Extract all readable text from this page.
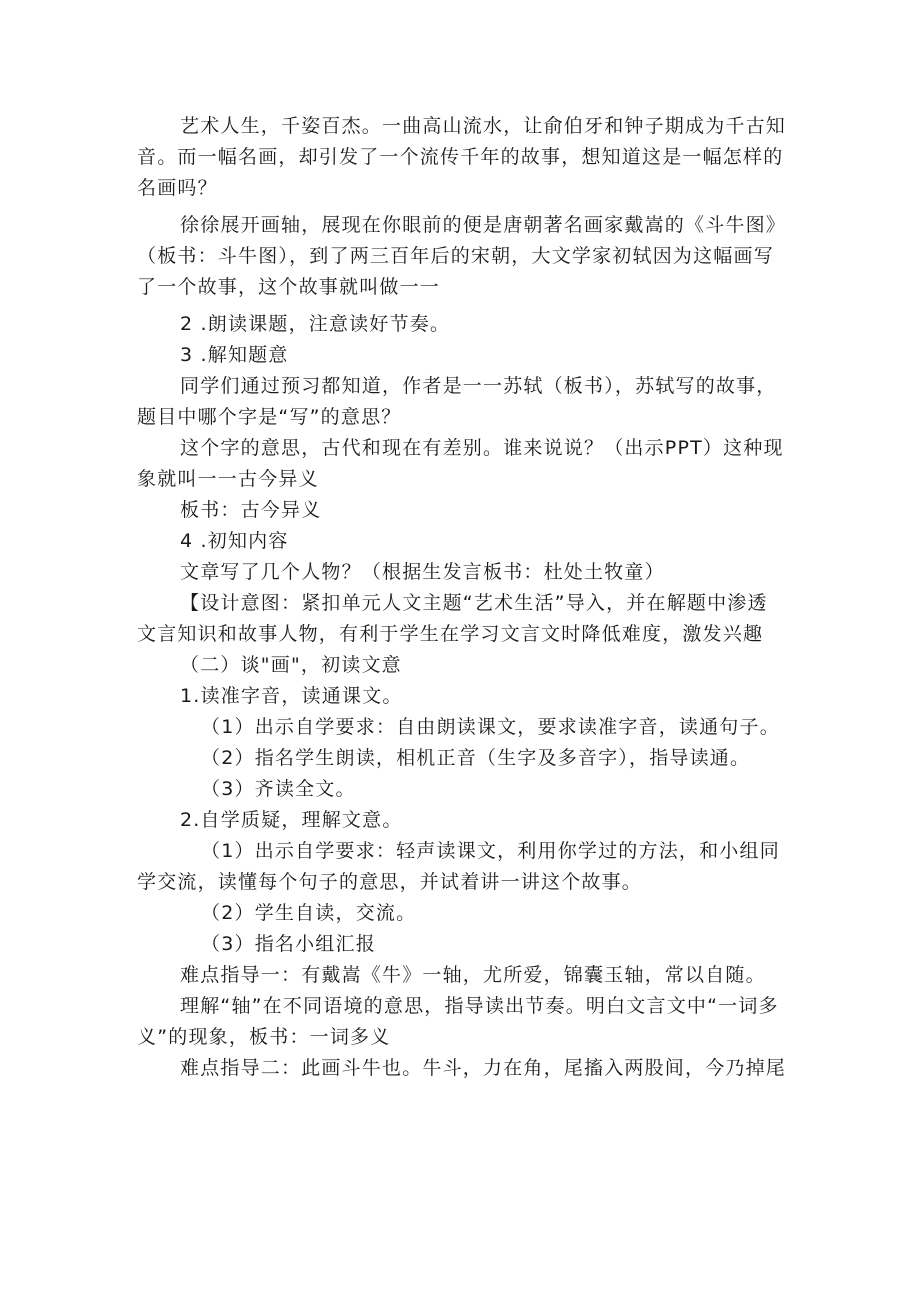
艺术人生，千姿百杰。一曲高山流水，让俞伯牙和钟子期成为千古知音。而一幅名画，却引发了一个流传千年的故事，想知道这是一幅怎样的名画吗？

徐徐展开画轴，展现在你眼前的便是唐朝著名画家戴嵩的《斗牛图》（板书：斗牛图），到了两三百年后的宋朝，大文学家初轼因为这幅画写了一个故事，这个故事就叫做一一

2 .朗读课题，注意读好节奏。

3 .解知题意

同学们通过预习都知道，作者是一一苏轼（板书），苏轼写的故事，题目中哪个字是“写”的意思？

这个字的意思，古代和现在有差别。谁来说说？（出示PPT）这种现象就叫一一古今异义

板书：古今异义

4 .初知内容

文章写了几个人物？（根据生发言板书：杜处土牧童）

【设计意图：紧扣单元人文主题“艺术生活”导入，并在解题中渗透文言知识和故事人物，有利于学生在学习文言文时降低难度，激发兴趣

（二）谈"画"，初读文意

1.读准字音，读通课文。

（1）出示自学要求：自由朗读课文，要求读准字音，读通句子。

（2）指名学生朗读，相机正音（生字及多音字），指导读通。

（3）齐读全文。

2.自学质疑，理解文意。

（1）出示自学要求：轻声读课文，利用你学过的方法，和小组同学交流，读懂每个句子的意思，并试着讲一讲这个故事。

（2）学生自读，交流。

（3）指名小组汇报

难点指导一：有戴嵩《牛》一轴，尤所爱，锦囊玉轴，常以自随。

理解“轴”在不同语境的意思，指导读出节奏。明白文言文中“一词多义”的现象，板书：一词多义

难点指导二：此画斗牛也。牛斗，力在角，尾搐入两股间，今乃掉尾
